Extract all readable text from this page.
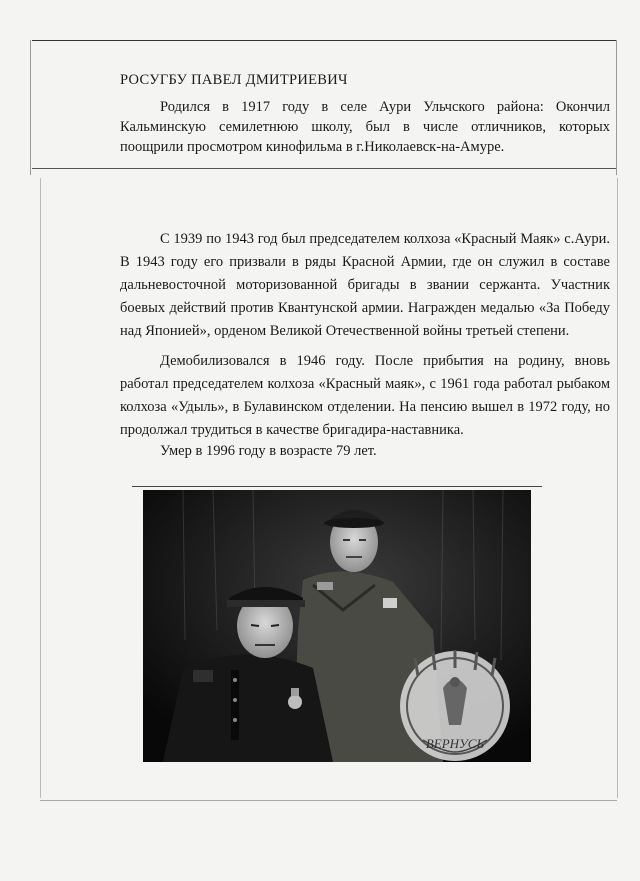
РОСУГБУ ПАВЕЛ ДМИТРИЕВИЧ

Родился в 1917 году в селе Аури Ульчского района: Окончил Кальминскую семилетнюю школу, был в числе отличников, которых поощрили просмотром кинофильма в г.Николаевск-на-Амуре.

С 1939 по 1943 год был председателем колхоза «Красный Маяк» с.Аури. В 1943 году его призвали в ряды Красной Армии, где он служил в составе дальневосточной моторизованной бригады в звании сержанта. Участник боевых действий против Квантунской армии. Награжден медалью «За Победу над Японией», орденом Великой Отечественной войны третьей степени.

Демобилизовался в 1946 году. После прибытия на родину, вновь работал председателем колхоза «Красный маяк», с 1961 года работал рыбаком колхоза «Удыль», в Булавинском отделении. На пенсию вышел в 1972 году, но продолжал трудиться в качестве бригадира-наставника.

Умер в 1996 году в возрасте 79 лет.

ВЕРНУСЬ
